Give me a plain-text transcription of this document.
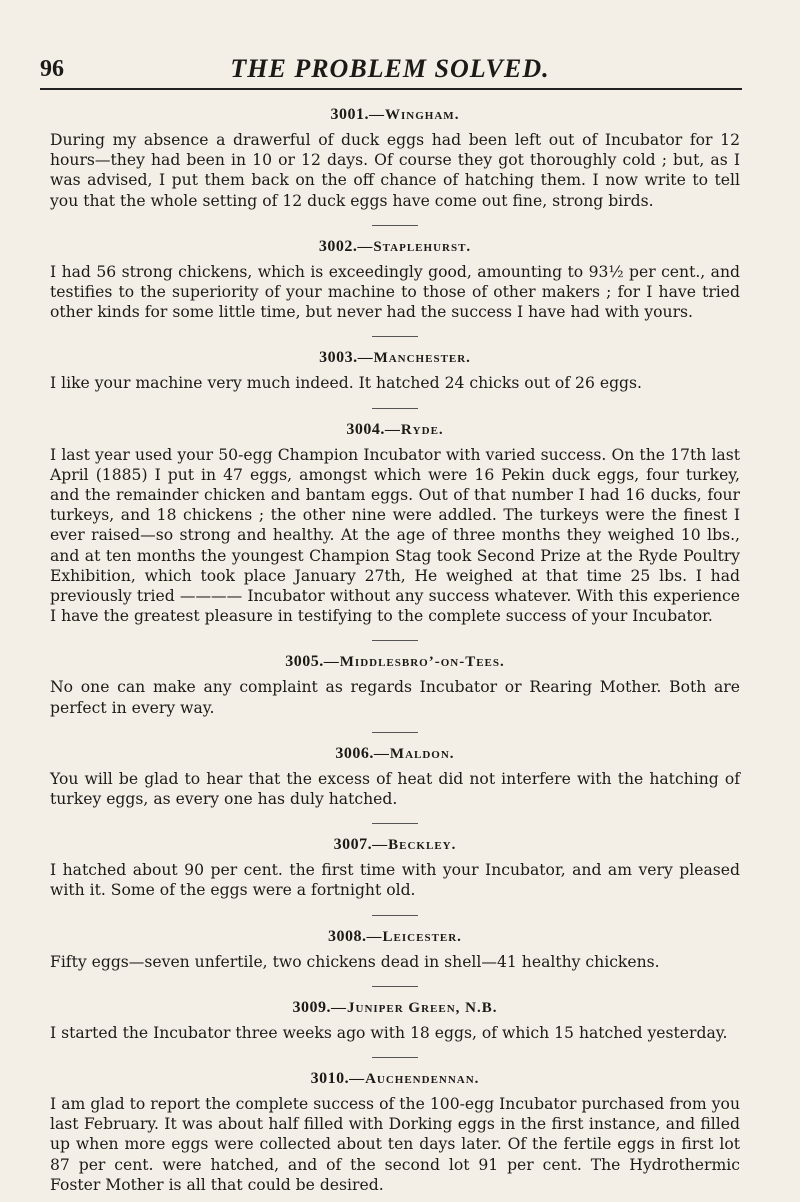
96	THE PROBLEM SOLVED.
3001.—Wingham.

During my absence a drawerful of duck eggs had been left out of Incubator for 12 hours—they had been in 10 or 12 days. Of course they got thoroughly cold ; but, as I was advised, I put them back on the off chance of hatching them. I now write to tell you that the whole setting of 12 duck eggs have come out fine, strong birds.

3002.—Staplehurst.

I had 56 strong chickens, which is exceedingly good, amounting to 93½ per cent., and testifies to the superiority of your machine to those of other makers ; for I have tried other kinds for some little time, but never had the success I have had with yours.

3003.—Manchester.

I like your machine very much indeed. It hatched 24 chicks out of 26 eggs.

3004.—Ryde.

I last year used your 50-egg Champion Incubator with varied success. On the 17th last April (1885) I put in 47 eggs, amongst which were 16 Pekin duck eggs, four turkey, and the remainder chicken and bantam eggs. Out of that number I had 16 ducks, four turkeys, and 18 chickens ; the other nine were addled. The turkeys were the finest I ever raised—so strong and healthy. At the age of three months they weighed 10 lbs., and at ten months the youngest Champion Stag took Second Prize at the Ryde Poultry Exhibition, which took place January 27th, He weighed at that time 25 lbs. I had previously tried ———— Incubator without any success whatever. With this experience I have the greatest pleasure in testifying to the complete success of your Incubator.

3005.—Middlesbro’-on-Tees.

No one can make any complaint as regards Incubator or Rearing Mother. Both are perfect in every way.

3006.—Maldon.

You will be glad to hear that the excess of heat did not interfere with the hatching of turkey eggs, as every one has duly hatched.

3007.—Beckley.

I hatched about 90 per cent. the first time with your Incubator, and am very pleased with it. Some of the eggs were a fortnight old.

3008.—Leicester.

Fifty eggs—seven unfertile, two chickens dead in shell—41 healthy chickens.

3009.—Juniper Green, N.B.

I started the Incubator three weeks ago with 18 eggs, of which 15 hatched yesterday.

3010.—Auchendennan.

I am glad to report the complete success of the 100-egg Incubator purchased from you last February. It was about half filled with Dorking eggs in the first instance, and filled up when more eggs were collected about ten days later. Of the fertile eggs in first lot 87 per cent. were hatched, and of the second lot 91 per cent. The Hydrothermic Foster Mother is all that could be desired.
